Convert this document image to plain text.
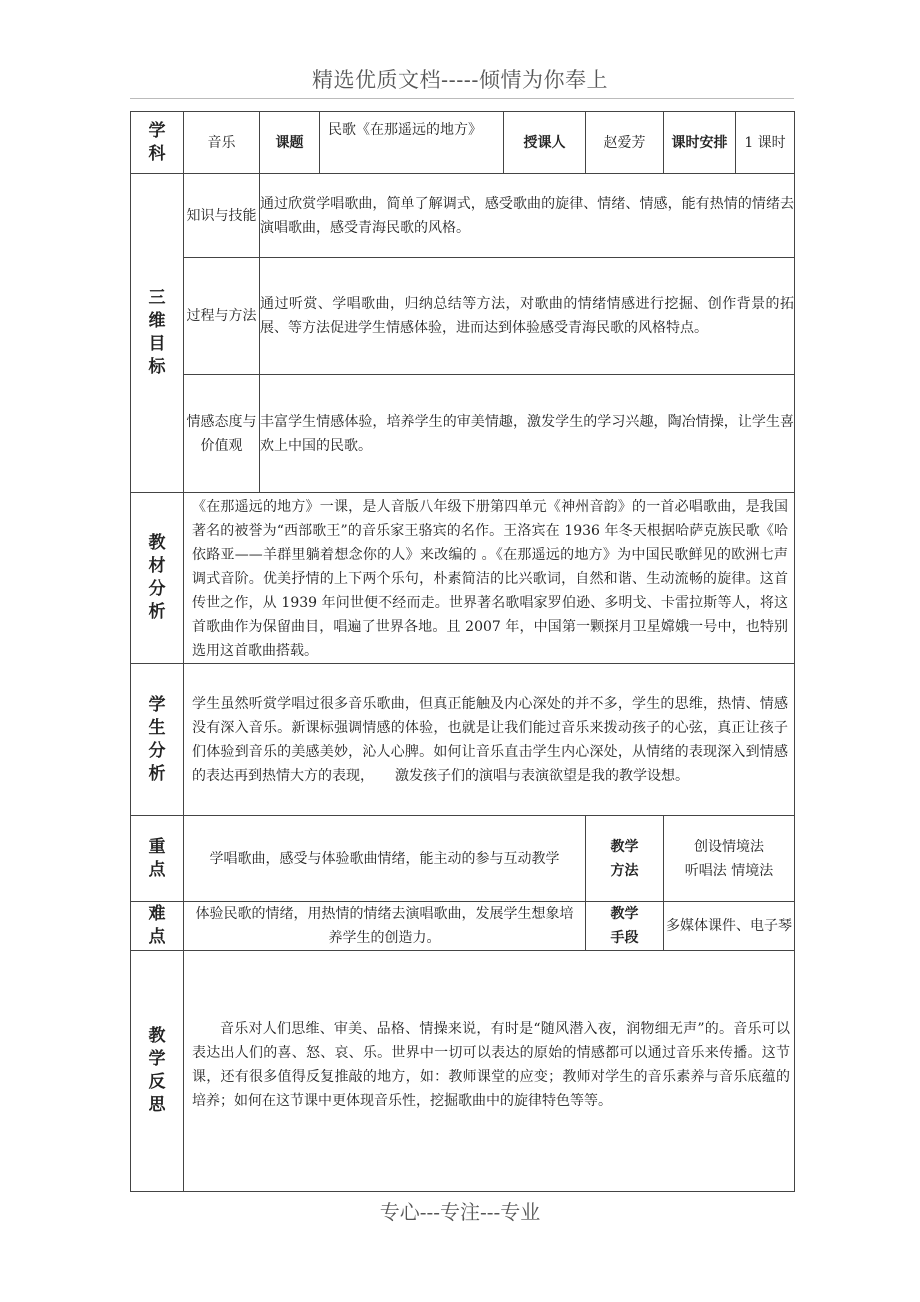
精选优质文档-----倾情为你奉上
学科	音乐	课题	民歌《在那遥远的地方》	授课人	赵爱芳	课时安排	1 课时

三维目标	知识与技能	通过欣赏学唱歌曲，简单了解调式，感受歌曲的旋律、情绪、情感，能有热情的情绪去演唱歌曲，感受青海民歌的风格。					
	过程与方法	通过听赏、学唱歌曲，归纳总结等方法，对歌曲的情绪情感进行挖掘、创作背景的拓展、等方法促进学生情感体验，进而达到体验感受青海民歌的风格特点。					
	情感态度与价值观	丰富学生情感体验，培养学生的审美情趣，激发学生的学习兴趣，陶冶情操，让学生喜欢上中国的民歌。					

教材分析	《在那遥远的地方》一课，是人音版八年级下册第四单元《神州音韵》的一首必唱歌曲，是我国著名的被誉为“西部歌王”的音乐家王骆宾的名作。王洛宾在 1936 年冬天根据哈萨克族民歌《哈依路亚——羊群里躺着想念你的人》来改编的 。《在那遥远的地方》为中国民歌鲜见的欧洲七声调式音阶。优美抒情的上下两个乐句，朴素简洁的比兴歌词，自然和谐、生动流畅的旋律。这首传世之作，从 1939 年问世便不经而走。世界著名歌唱家罗伯逊、多明戈、卡雷拉斯等人，将这首歌曲作为保留曲目，唱遍了世界各地。且 2007 年，中国第一颗探月卫星嫦娥一号中，也特别选用这首歌曲搭载。						

学生分析	学生虽然听赏学唱过很多音乐歌曲，但真正能触及内心深处的并不多，学生的思维，热情、情感没有深入音乐。新课标强调情感的体验，也就是让我们能过音乐来拨动孩子的心弦，真正让孩子们体验到音乐的美感美妙，沁人心脾。如何让音乐直击学生内心深处，从情绪的表现深入到情感的表达再到热情大方的表现，　　激发孩子们的演唱与表演欲望是我的教学设想。						

重点	学唱歌曲，感受与体验歌曲情绪，能主动的参与互动教学				教学方法	创设情境法
听唱法 情境法	

难点	体验民歌的情绪，用热情的情绪去演唱歌曲，发展学生想象培养学生的创造力。				教学手段	多媒体课件、电子琴	

教学反思	音乐对人们思维、审美、品格、情操来说，有时是“随风潜入夜，润物细无声”的。音乐可以表达出人们的喜、怒、哀、乐。世界中一切可以表达的原始的情感都可以通过音乐来传播。这节课，还有很多值得反复推敲的地方，如：教师课堂的应变；教师对学生的音乐素养与音乐底蕴的培养；如何在这节课中更体现音乐性，挖掘歌曲中的旋律特色等等。						
专心---专注---专业
